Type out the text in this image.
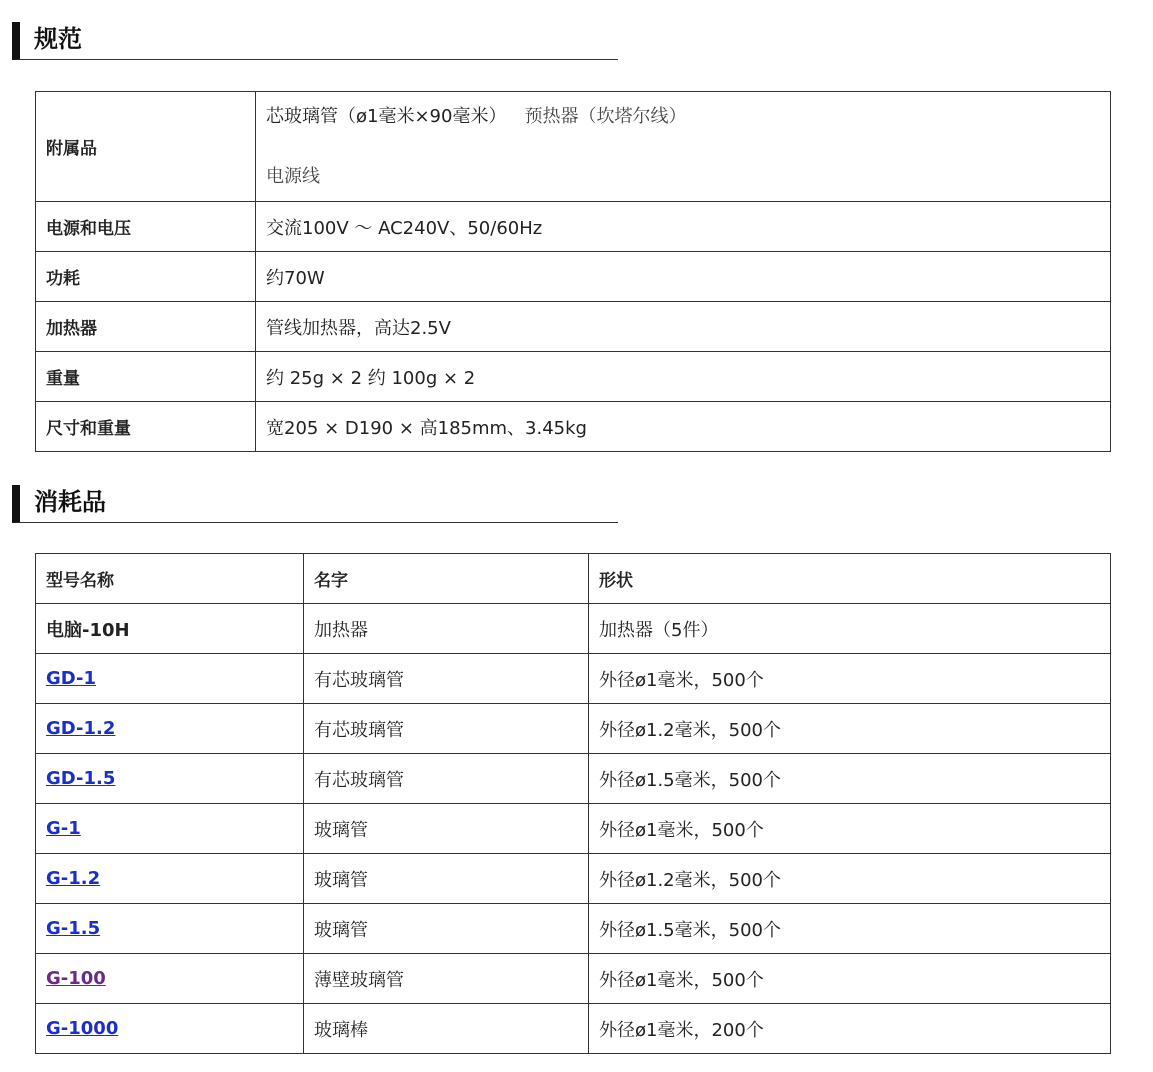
规范
附属品	芯玻璃管（ø1毫米×90毫米） 预热器（坎塔尔线）
电源线

电源和电压	交流100V ～ AC240V、50/60Hz
功耗	约70W
加热器	管线加热器，高达2.5V
重量	约 25g × 2 约 100g × 2
尺寸和重量	宽205 × D190 × 高185mm、3.45kg
消耗品
型号名称	名字	形状
电脑-10H	加热器	加热器（5件）
GD-1	有芯玻璃管	外径ø1毫米，500个
GD-1.2	有芯玻璃管	外径ø1.2毫米，500个
GD-1.5	有芯玻璃管	外径ø1.5毫米，500个
G-1	玻璃管	外径ø1毫米，500个
G-1.2	玻璃管	外径ø1.2毫米，500个
G-1.5	玻璃管	外径ø1.5毫米，500个
G-100	薄壁玻璃管	外径ø1毫米，500个
G-1000	玻璃棒	外径ø1毫米，200个
